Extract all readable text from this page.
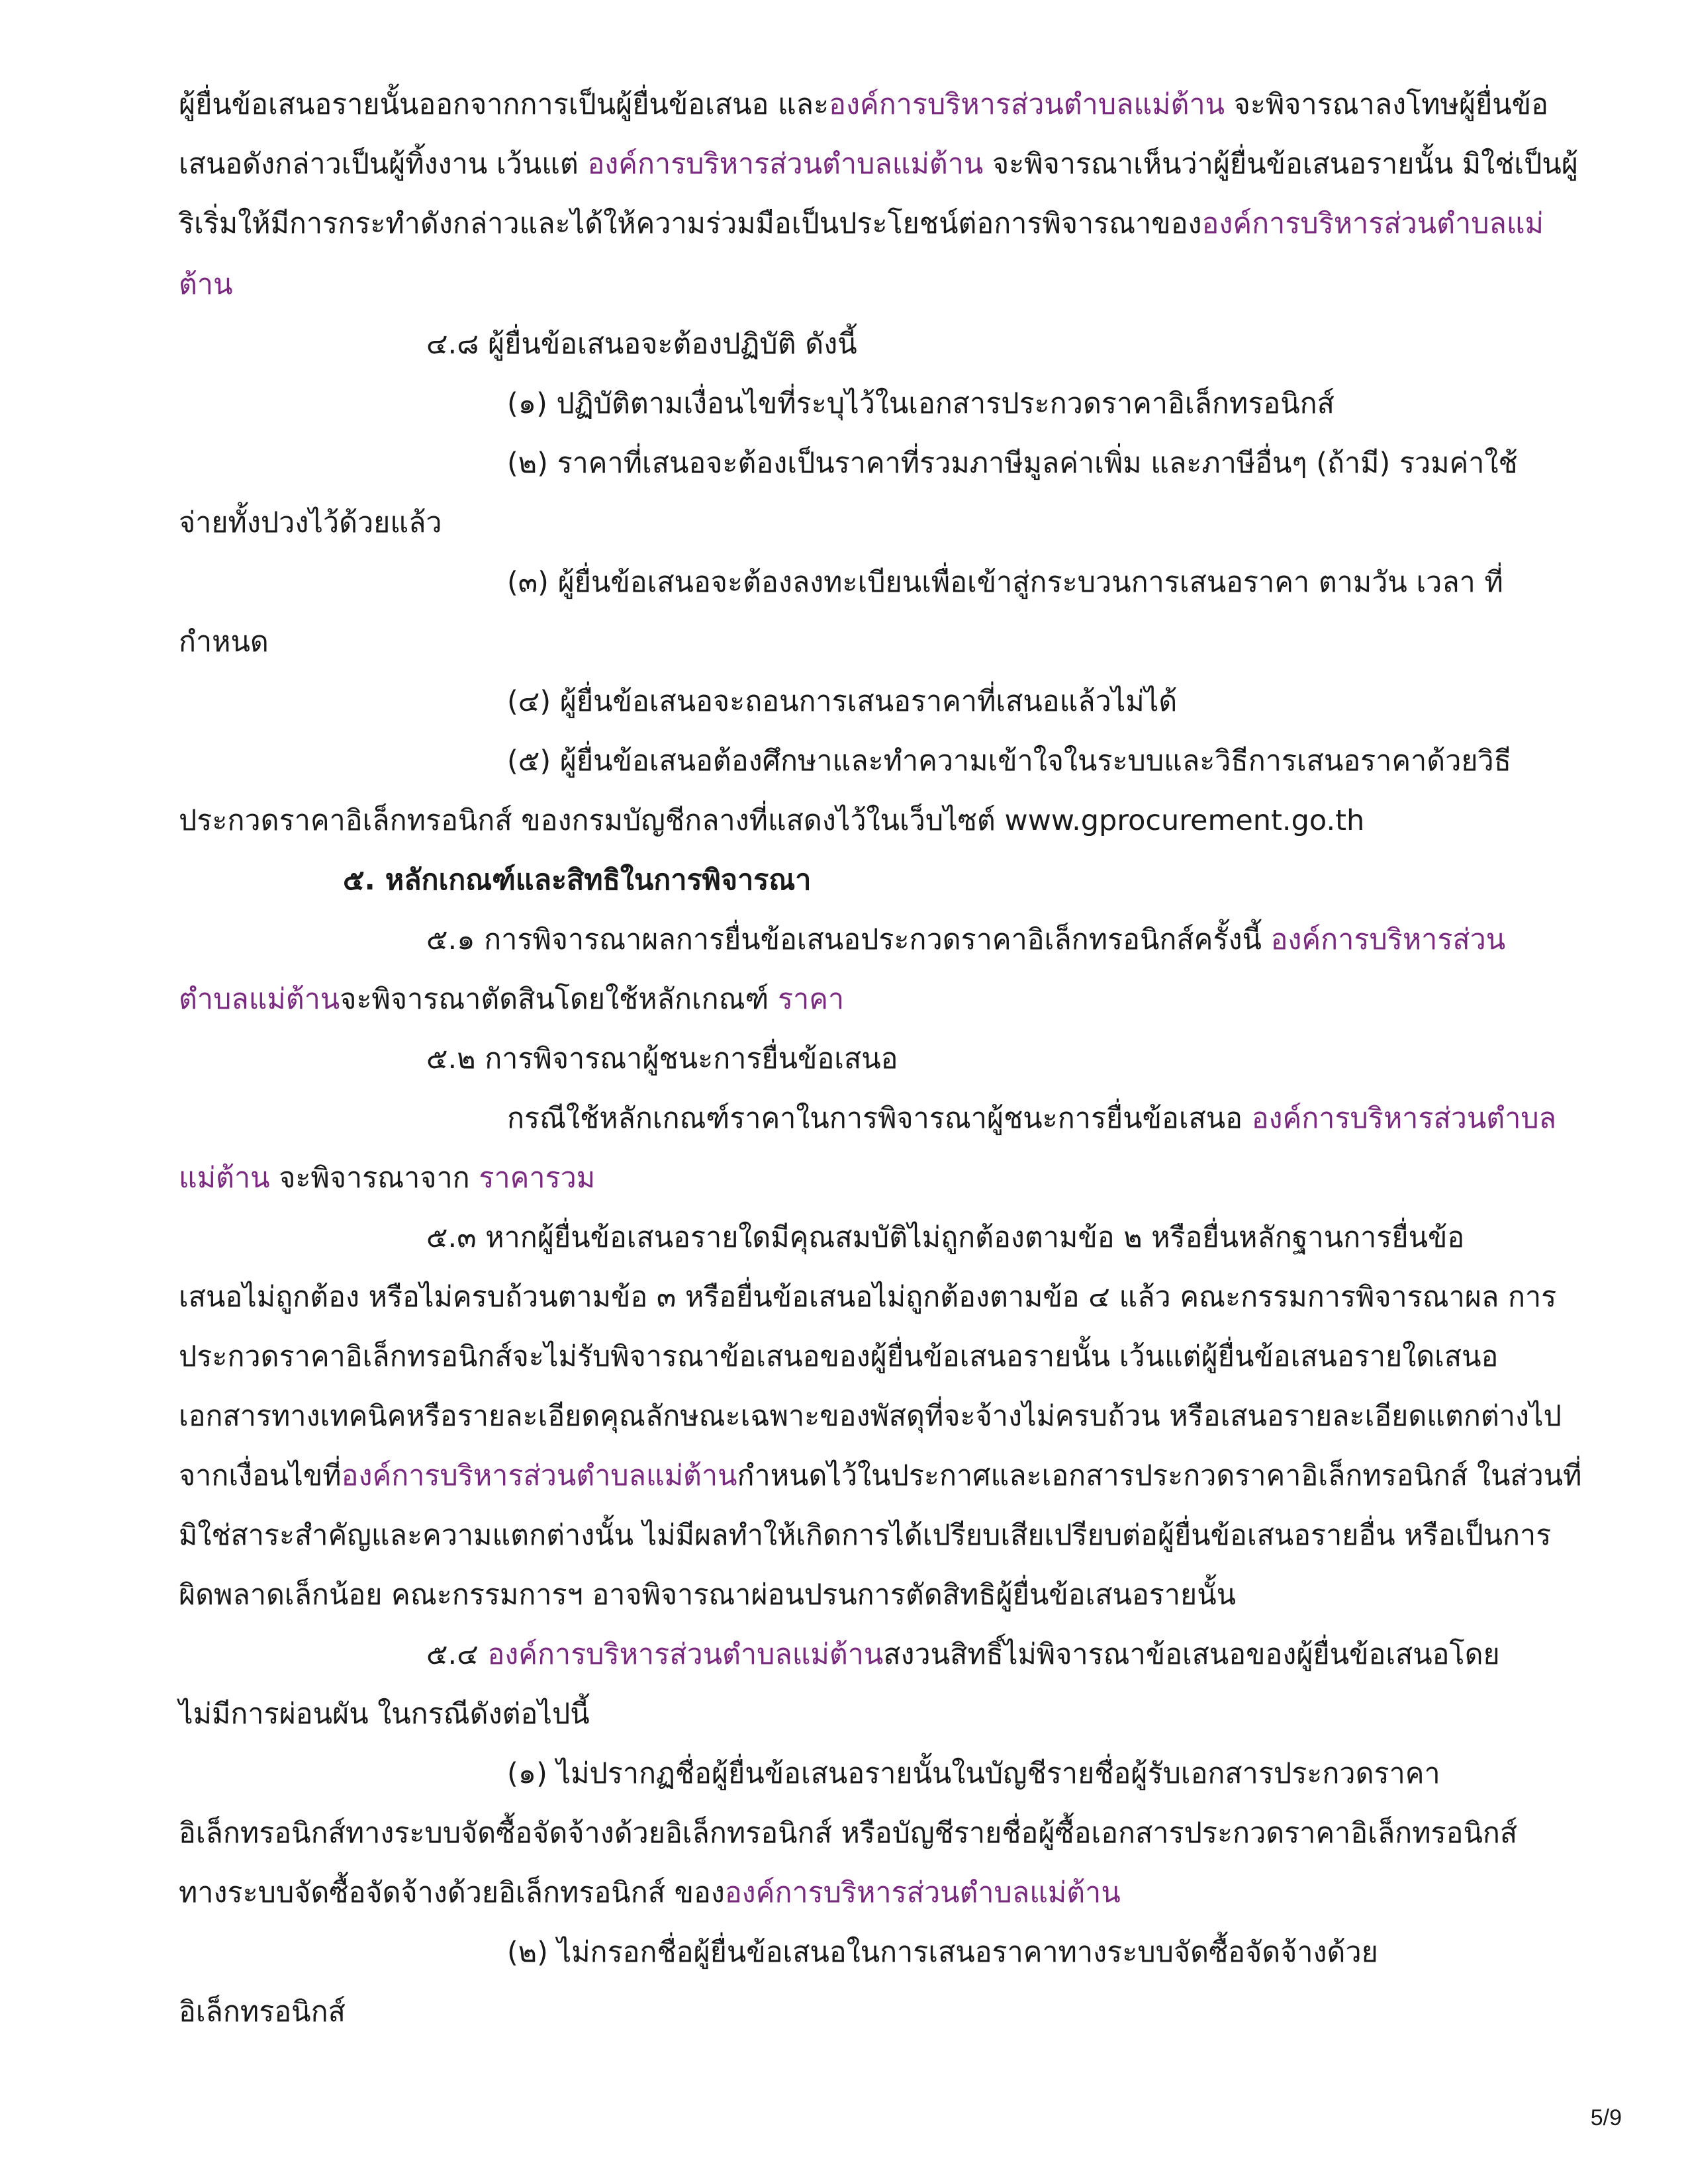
ผู้ยื่นข้อเสนอรายนั้นออกจากการเป็นผู้ยื่นข้อเสนอ และองค์การบริหารส่วนตำบลแม่ต้าน จะพิจารณาลงโทษผู้ยื่นข้อ
เสนอดังกล่าวเป็นผู้ทิ้งงาน เว้นแต่ องค์การบริหารส่วนตำบลแม่ต้าน จะพิจารณาเห็นว่าผู้ยื่นข้อเสนอรายนั้น มิใช่เป็นผู้
ริเริ่มให้มีการกระทำดังกล่าวและได้ให้ความร่วมมือเป็นประโยชน์ต่อการพิจารณาขององค์การบริหารส่วนตำบลแม่
ต้าน
๔.๘ ผู้ยื่นข้อเสนอจะต้องปฏิบัติ ดังนี้
(๑) ปฏิบัติตามเงื่อนไขที่ระบุไว้ในเอกสารประกวดราคาอิเล็กทรอนิกส์
(๒) ราคาที่เสนอจะต้องเป็นราคาที่รวมภาษีมูลค่าเพิ่ม และภาษีอื่นๆ (ถ้ามี) รวมค่าใช้
จ่ายทั้งปวงไว้ด้วยแล้ว
(๓) ผู้ยื่นข้อเสนอจะต้องลงทะเบียนเพื่อเข้าสู่กระบวนการเสนอราคา ตามวัน เวลา ที่
กำหนด
(๔) ผู้ยื่นข้อเสนอจะถอนการเสนอราคาที่เสนอแล้วไม่ได้
(๕) ผู้ยื่นข้อเสนอต้องศึกษาและทำความเข้าใจในระบบและวิธีการเสนอราคาด้วยวิธี
ประกวดราคาอิเล็กทรอนิกส์ ของกรมบัญชีกลางที่แสดงไว้ในเว็บไซต์ www.gprocurement.go.th
๕. หลักเกณฑ์และสิทธิในการพิจารณา
๕.๑ การพิจารณาผลการยื่นข้อเสนอประกวดราคาอิเล็กทรอนิกส์ครั้งนี้ องค์การบริหารส่วน
ตำบลแม่ต้านจะพิจารณาตัดสินโดยใช้หลักเกณฑ์ ราคา
๕.๒ การพิจารณาผู้ชนะการยื่นข้อเสนอ
กรณีใช้หลักเกณฑ์ราคาในการพิจารณาผู้ชนะการยื่นข้อเสนอ องค์การบริหารส่วนตำบล
แม่ต้าน จะพิจารณาจาก ราคารวม
๕.๓ หากผู้ยื่นข้อเสนอรายใดมีคุณสมบัติไม่ถูกต้องตามข้อ ๒ หรือยื่นหลักฐานการยื่นข้อ
เสนอไม่ถูกต้อง หรือไม่ครบถ้วนตามข้อ ๓ หรือยื่นข้อเสนอไม่ถูกต้องตามข้อ ๔ แล้ว คณะกรรมการพิจารณาผล การ
ประกวดราคาอิเล็กทรอนิกส์จะไม่รับพิจารณาข้อเสนอของผู้ยื่นข้อเสนอรายนั้น เว้นแต่ผู้ยื่นข้อเสนอรายใดเสนอ
เอกสารทางเทคนิคหรือรายละเอียดคุณลักษณะเฉพาะของพัสดุที่จะจ้างไม่ครบถ้วน หรือเสนอรายละเอียดแตกต่างไป
จากเงื่อนไขที่องค์การบริหารส่วนตำบลแม่ต้านกำหนดไว้ในประกาศและเอกสารประกวดราคาอิเล็กทรอนิกส์ ในส่วนที่
มิใช่สาระสำคัญและความแตกต่างนั้น ไม่มีผลทำให้เกิดการได้เปรียบเสียเปรียบต่อผู้ยื่นข้อเสนอรายอื่น หรือเป็นการ
ผิดพลาดเล็กน้อย คณะกรรมการฯ อาจพิจารณาผ่อนปรนการตัดสิทธิผู้ยื่นข้อเสนอรายนั้น
๕.๔ องค์การบริหารส่วนตำบลแม่ต้านสงวนสิทธิ์ไม่พิจารณาข้อเสนอของผู้ยื่นข้อเสนอโดย
ไม่มีการผ่อนผัน ในกรณีดังต่อไปนี้
(๑) ไม่ปรากฏชื่อผู้ยื่นข้อเสนอรายนั้นในบัญชีรายชื่อผู้รับเอกสารประกวดราคา
อิเล็กทรอนิกส์ทางระบบจัดซื้อจัดจ้างด้วยอิเล็กทรอนิกส์ หรือบัญชีรายชื่อผู้ซื้อเอกสารประกวดราคาอิเล็กทรอนิกส์
ทางระบบจัดซื้อจัดจ้างด้วยอิเล็กทรอนิกส์ ขององค์การบริหารส่วนตำบลแม่ต้าน
(๒) ไม่กรอกชื่อผู้ยื่นข้อเสนอในการเสนอราคาทางระบบจัดซื้อจัดจ้างด้วย
อิเล็กทรอนิกส์
5/9
